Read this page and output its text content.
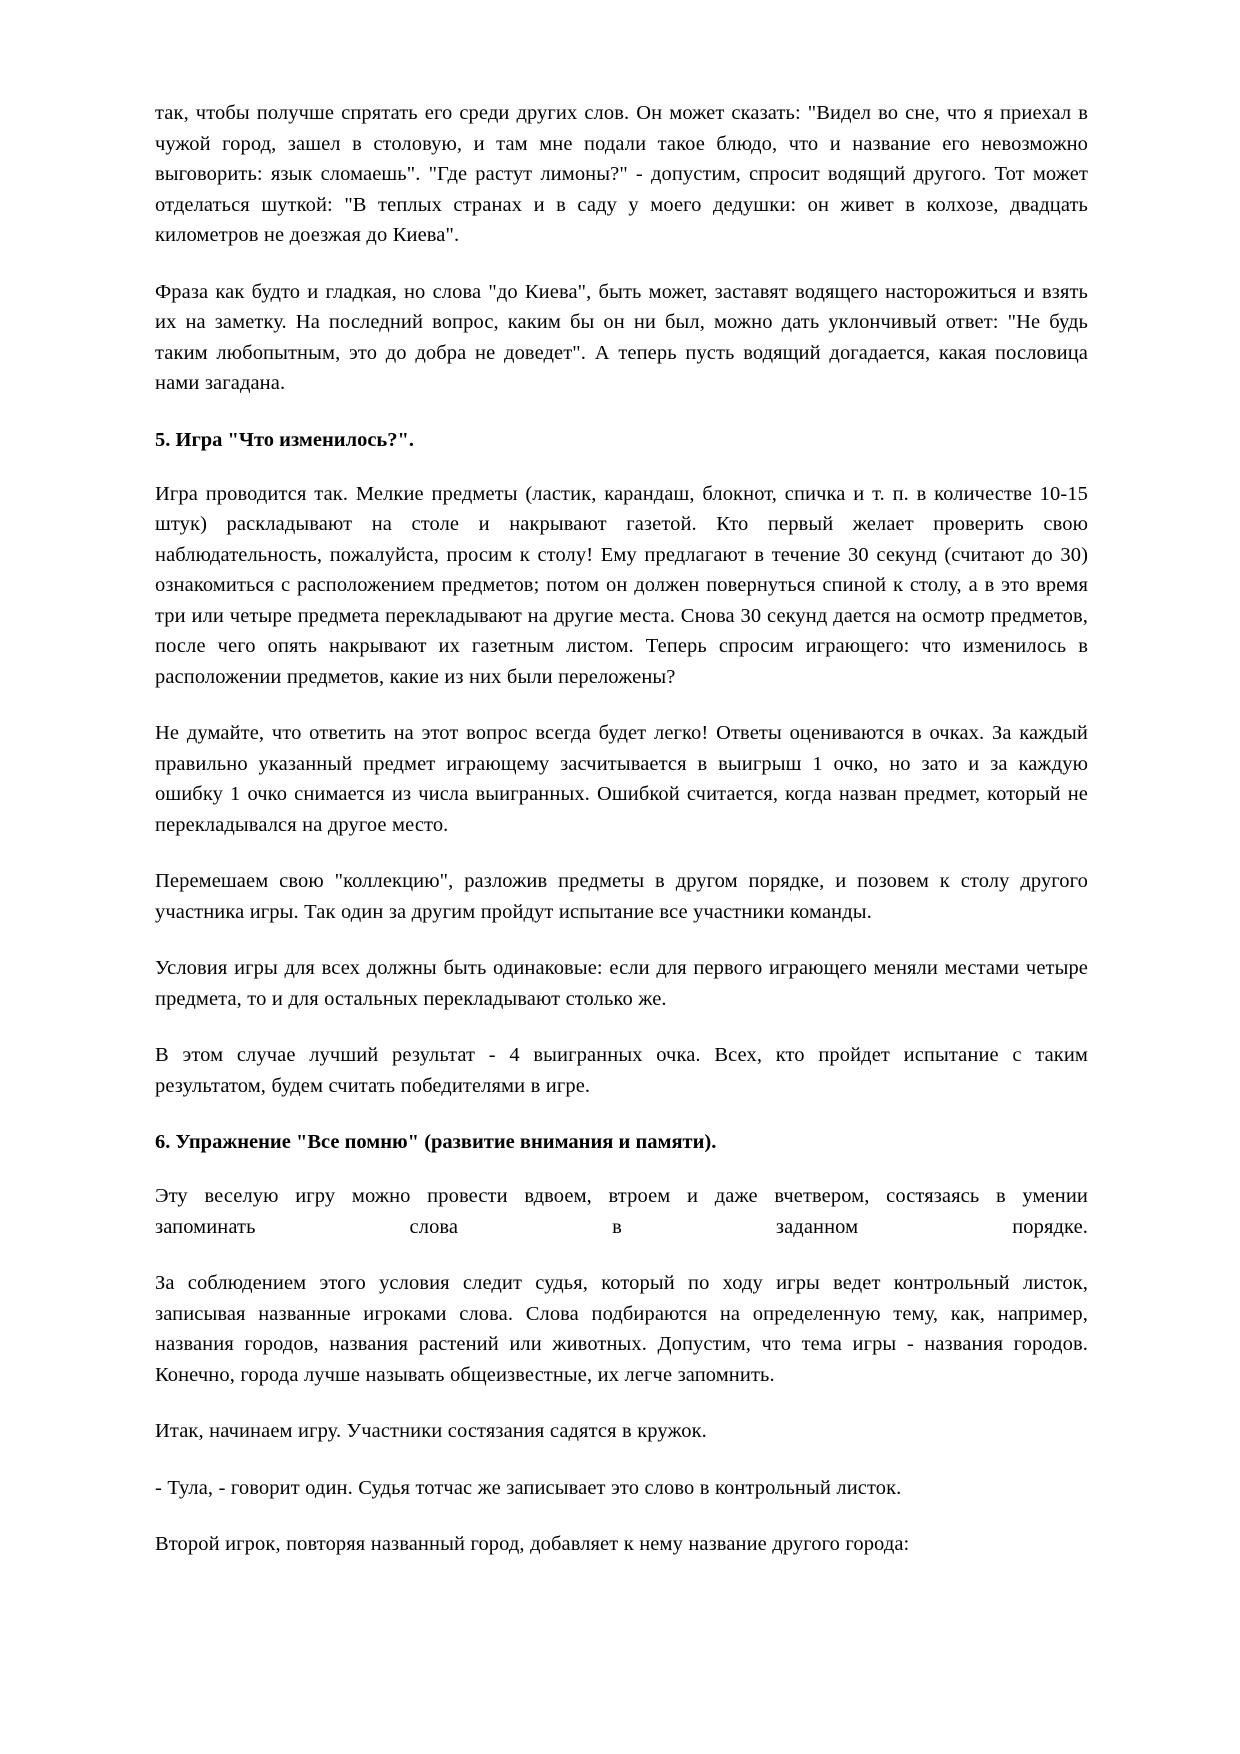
так, чтобы получше спрятать его среди других слов. Он может сказать: "Видел во сне, что я приехал в чужой город, зашел в столовую, и там мне подали такое блюдо, что и название его невозможно выговорить: язык сломаешь". "Где растут лимоны?" - допустим, спросит водящий другого. Тот может отделаться шуткой: "В теплых странах и в саду у моего дедушки: он живет в колхозе, двадцать километров не доезжая до Киева".

Фраза как будто и гладкая, но слова "до Киева", быть может, заставят водящего насторожиться и взять их на заметку. На последний вопрос, каким бы он ни был, можно дать уклончивый ответ: "Не будь таким любопытным, это до добра не доведет". А теперь пусть водящий догадается, какая пословица нами загадана.

5. Игра "Что изменилось?".

Игра проводится так. Мелкие предметы (ластик, карандаш, блокнот, спичка и т. п. в количестве 10-15 штук) раскладывают на столе и накрывают газетой. Кто первый желает проверить свою наблюдательность, пожалуйста, просим к столу! Ему предлагают в течение 30 секунд (считают до 30) ознакомиться с расположением предметов; потом он должен повернуться спиной к столу, а в это время три или четыре предмета перекладывают на другие места. Снова 30 секунд дается на осмотр предметов, после чего опять накрывают их газетным листом. Теперь спросим играющего: что изменилось в расположении предметов, какие из них были переложены?

Не думайте, что ответить на этот вопрос всегда будет легко! Ответы оцениваются в очках. За каждый правильно указанный предмет играющему засчитывается в выигрыш 1 очко, но зато и за каждую ошибку 1 очко снимается из числа выигранных. Ошибкой считается, когда назван предмет, который не перекладывался на другое место.

Перемешаем свою "коллекцию", разложив предметы в другом порядке, и позовем к столу другого участника игры. Так один за другим пройдут испытание все участники команды.

Условия игры для всех должны быть одинаковые: если для первого играющего меняли местами четыре предмета, то и для остальных перекладывают столько же.

В этом случае лучший результат - 4 выигранных очка. Всех, кто пройдет испытание с таким результатом, будем считать победителями в игре.

6. Упражнение "Все помню" (развитие внимания и памяти).
Эту веселую игру можно провести вдвоем, втроем и даже вчетвером, состязаясь в умении
запоминать	слова	в	заданном	порядке.

За соблюдением этого условия следит судья, который по ходу игры ведет контрольный листок, записывая названные игроками слова. Слова подбираются на определенную тему, как, например, названия городов, названия растений или животных. Допустим, что тема игры - названия городов. Конечно, города лучше называть общеизвестные, их легче запомнить.

Итак, начинаем игру. Участники состязания садятся в кружок.

- Тула, - говорит один. Судья тотчас же записывает это слово в контрольный листок.

Второй игрок, повторяя названный город, добавляет к нему название другого города:
